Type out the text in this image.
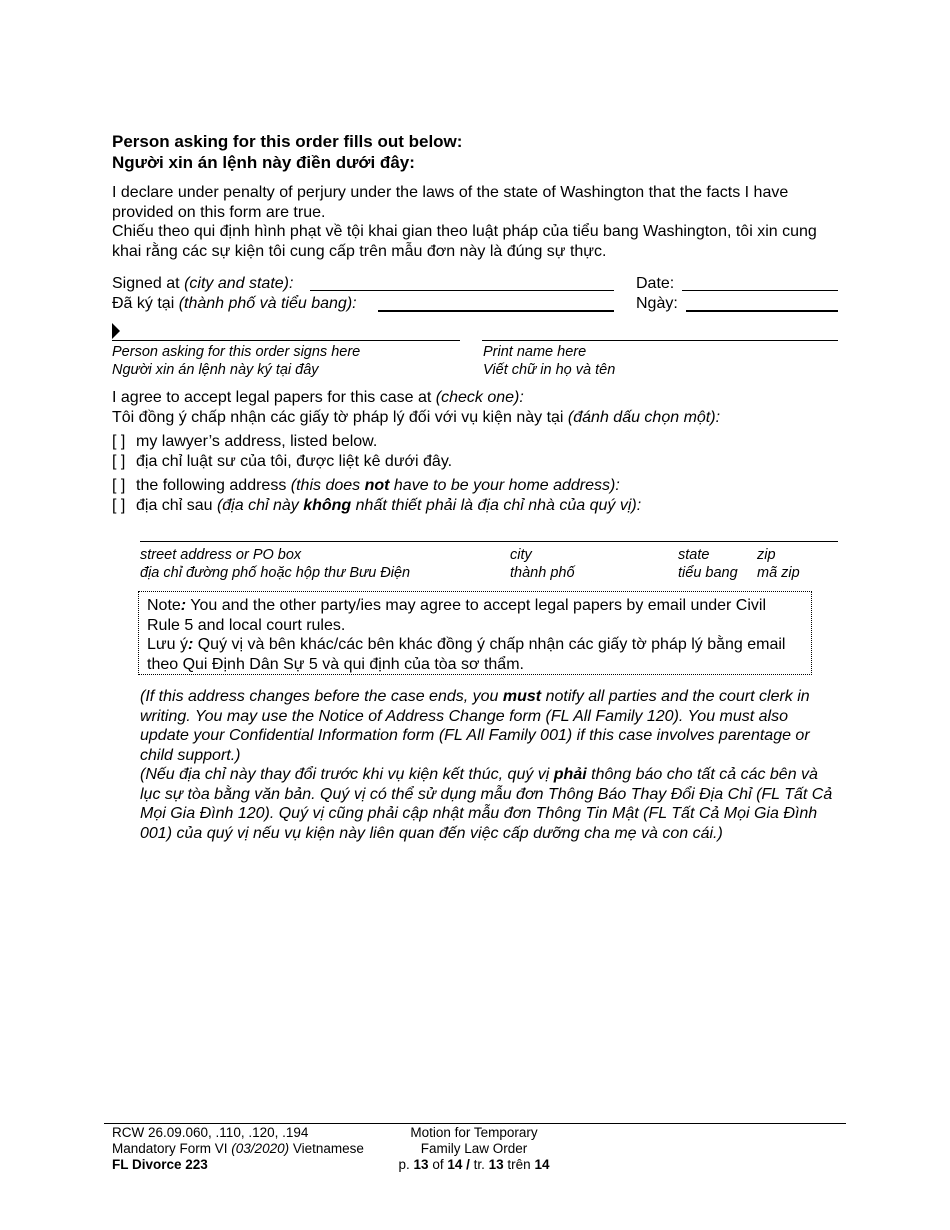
Person asking for this order fills out below:
Người xin án lệnh này điền dưới đây:
I declare under penalty of perjury under the laws of the state of Washington that the facts I have provided on this form are true.
Chiếu theo qui định hình phạt về tội khai gian theo luật pháp của tiểu bang Washington, tôi xin cung khai rằng các sự kiện tôi cung cấp trên mẫu đơn này là đúng sự thực.
Signed at (city and state):
Đã ký tại (thành phố và tiểu bang):
Date:
Ngày:
Person asking for this order signs here
Người xin án lệnh này ký tại đây
Print name here
Viết chữ in họ và tên
I agree to accept legal papers for this case at (check one):
Tôi đồng ý chấp nhận các giấy tờ pháp lý đối với vụ kiện này tại (đánh dấu chọn một):
[ ] my lawyer’s address, listed below.
[ ] địa chỉ luật sư của tôi, được liệt kê dưới đây.
[ ] the following address (this does not have to be your home address):
[ ] địa chỉ sau (địa chỉ này không nhất thiết phải là địa chỉ nhà của quý vị):
street address or PO box
địa chỉ đường phố hoặc hộp thư Bưu Điện
city
thành phố
state
tiểu bang
zip
mã zip
Note: You and the other party/ies may agree to accept legal papers by email under Civil Rule 5 and local court rules.
Lưu ý: Quý vị và bên khác/các bên khác đồng ý chấp nhận các giấy tờ pháp lý bằng email theo Qui Định Dân Sự 5 và qui định của tòa sơ thẩm.
(If this address changes before the case ends, you must notify all parties and the court clerk in writing. You may use the Notice of Address Change form (FL All Family 120). You must also update your Confidential Information form (FL All Family 001) if this case involves parentage or child support.)
(Nếu địa chỉ này thay đổi trước khi vụ kiện kết thúc, quý vị phải thông báo cho tất cả các bên và lục sự tòa bằng văn bản. Quý vị có thể sử dụng mẫu đơn Thông Báo Thay Đổi Địa Chỉ (FL Tất Cả Mọi Gia Đình 120). Quý vị cũng phải cập nhật mẫu đơn Thông Tin Mật (FL Tất Cả Mọi Gia Đình 001) của quý vị nếu vụ kiện này liên quan đến việc cấp dưỡng cha mẹ và con cái.)
RCW 26.09.060, .110, .120, .194
Mandatory Form VI (03/2020) Vietnamese
FL Divorce 223
Motion for Temporary
Family Law Order
p. 13 of 14 / tr. 13 trên 14
